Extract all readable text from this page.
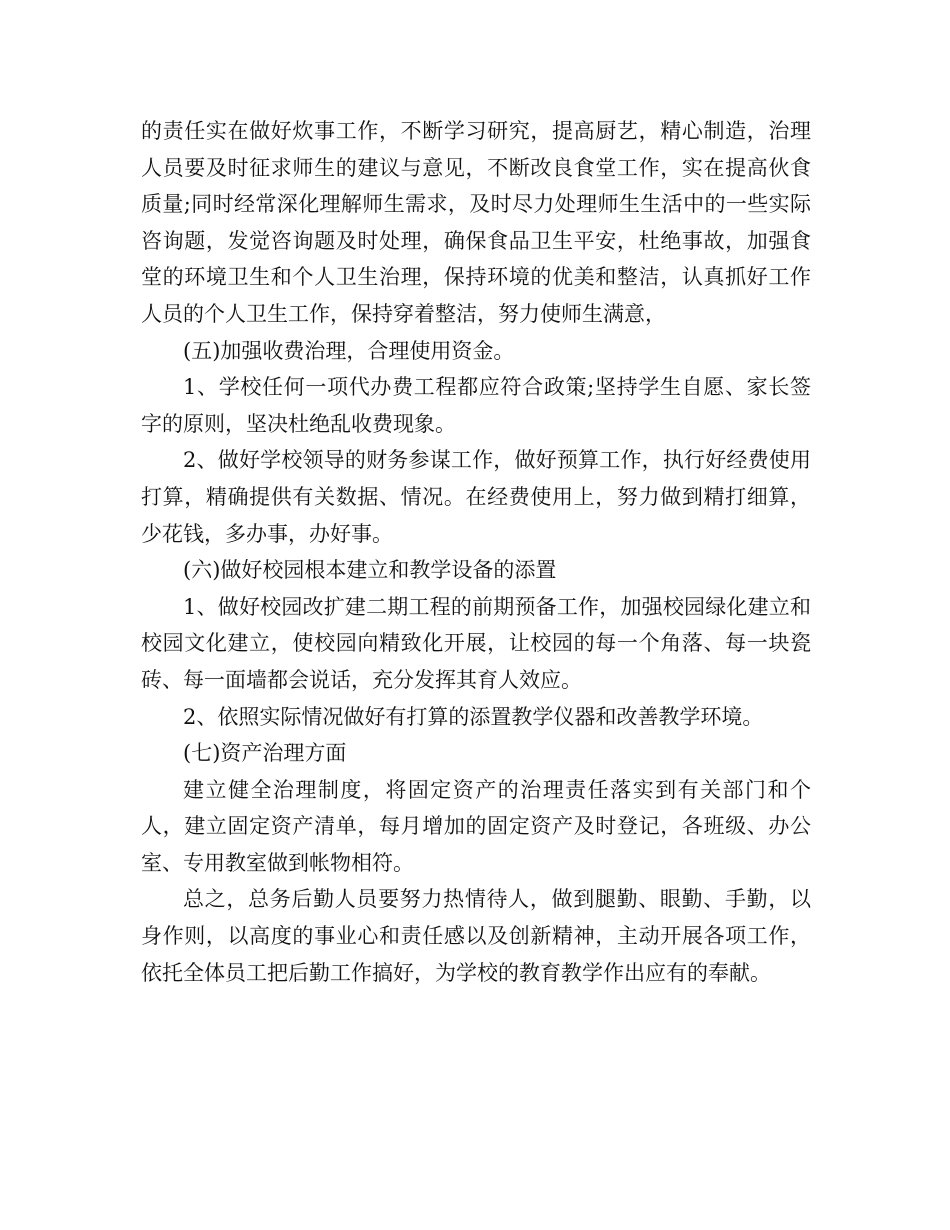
的责任实在做好炊事工作，不断学习研究，提高厨艺，精心制造，治理人员要及时征求师生的建议与意见，不断改良食堂工作，实在提高伙食质量;同时经常深化理解师生需求，及时尽力处理师生生活中的一些实际咨询题，发觉咨询题及时处理，确保食品卫生平安，杜绝事故，加强食堂的环境卫生和个人卫生治理，保持环境的优美和整洁，认真抓好工作人员的个人卫生工作，保持穿着整洁，努力使师生满意，

(五)加强收费治理，合理使用资金。

1、学校任何一项代办费工程都应符合政策;坚持学生自愿、家长签字的原则，坚决杜绝乱收费现象。

2、做好学校领导的财务参谋工作，做好预算工作，执行好经费使用打算，精确提供有关数据、情况。在经费使用上，努力做到精打细算，少花钱，多办事，办好事。

(六)做好校园根本建立和教学设备的添置

1、做好校园改扩建二期工程的前期预备工作，加强校园绿化建立和校园文化建立，使校园向精致化开展，让校园的每一个角落、每一块瓷砖、每一面墙都会说话，充分发挥其育人效应。

2、依照实际情况做好有打算的添置教学仪器和改善教学环境。

(七)资产治理方面

建立健全治理制度，将固定资产的治理责任落实到有关部门和个人，建立固定资产清单，每月增加的固定资产及时登记，各班级、办公室、专用教室做到帐物相符。

总之，总务后勤人员要努力热情待人，做到腿勤、眼勤、手勤，以身作则，以高度的事业心和责任感以及创新精神，主动开展各项工作，依托全体员工把后勤工作搞好，为学校的教育教学作出应有的奉献。
